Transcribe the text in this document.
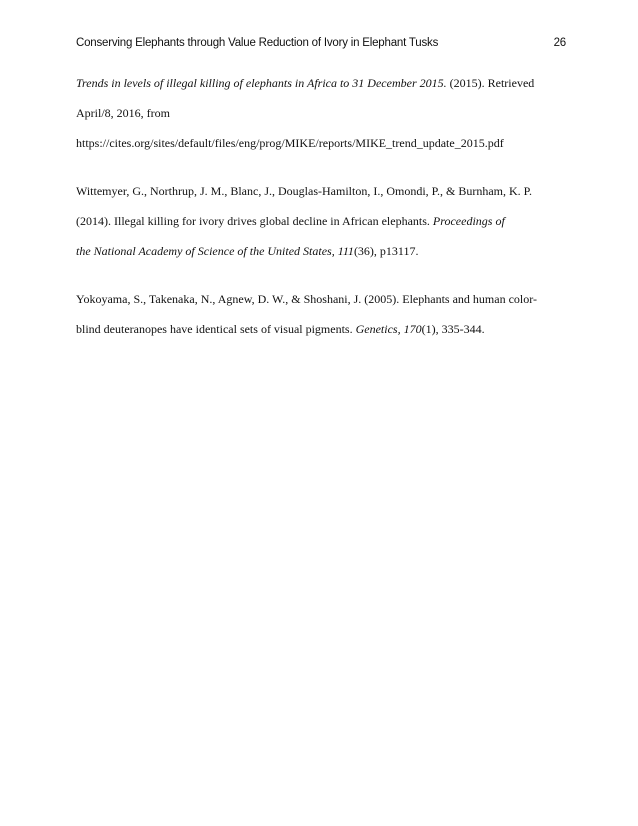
Conserving Elephants through Value Reduction of Ivory in Elephant Tusks	26
Trends in levels of illegal killing of elephants in Africa to 31 December 2015. (2015). Retrieved
April/8, 2016, from
https://cites.org/sites/default/files/eng/prog/MIKE/reports/MIKE_trend_update_2015.pdf
Wittemyer, G., Northrup, J. M., Blanc, J., Douglas-Hamilton, I., Omondi, P., & Burnham, K. P.
(2014). Illegal killing for ivory drives global decline in African elephants. Proceedings of
the National Academy of Science of the United States, 111(36), p13117.
Yokoyama, S., Takenaka, N., Agnew, D. W., & Shoshani, J. (2005). Elephants and human color-
blind deuteranopes have identical sets of visual pigments. Genetics, 170(1), 335-344.
